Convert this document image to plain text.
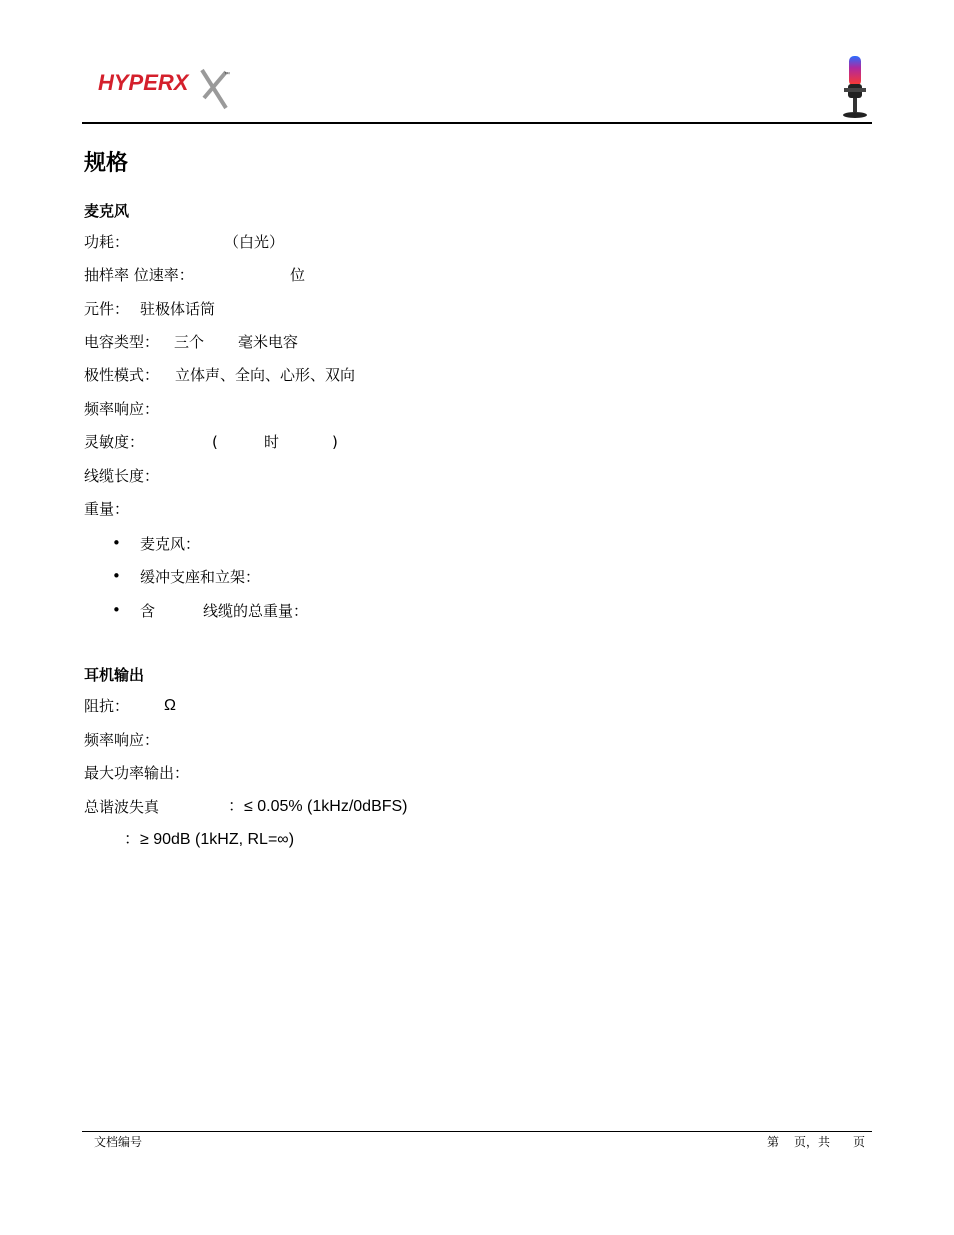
HYPERX	™
规格
麦克风
功耗：	（白光）
抽样率 位速率：	位
元件： 驻极体话筒
电容类型： 三个 毫米电容
极性模式： 立体声、全向、心形、双向
频率响应：
灵敏度：	(	时	)
线缆长度：
重量：
• 麦克风：
• 缓冲支座和立架：
• 含	线缆的总重量：
耳机输出
阻抗： Ω
频率响应：
最大功率输出：
总谐波失真	：≤ 0.05% (1kHz/0dBFS)
：≥ 90dB (1kHZ, RL=∞)
文档编号	第 页，共 页
